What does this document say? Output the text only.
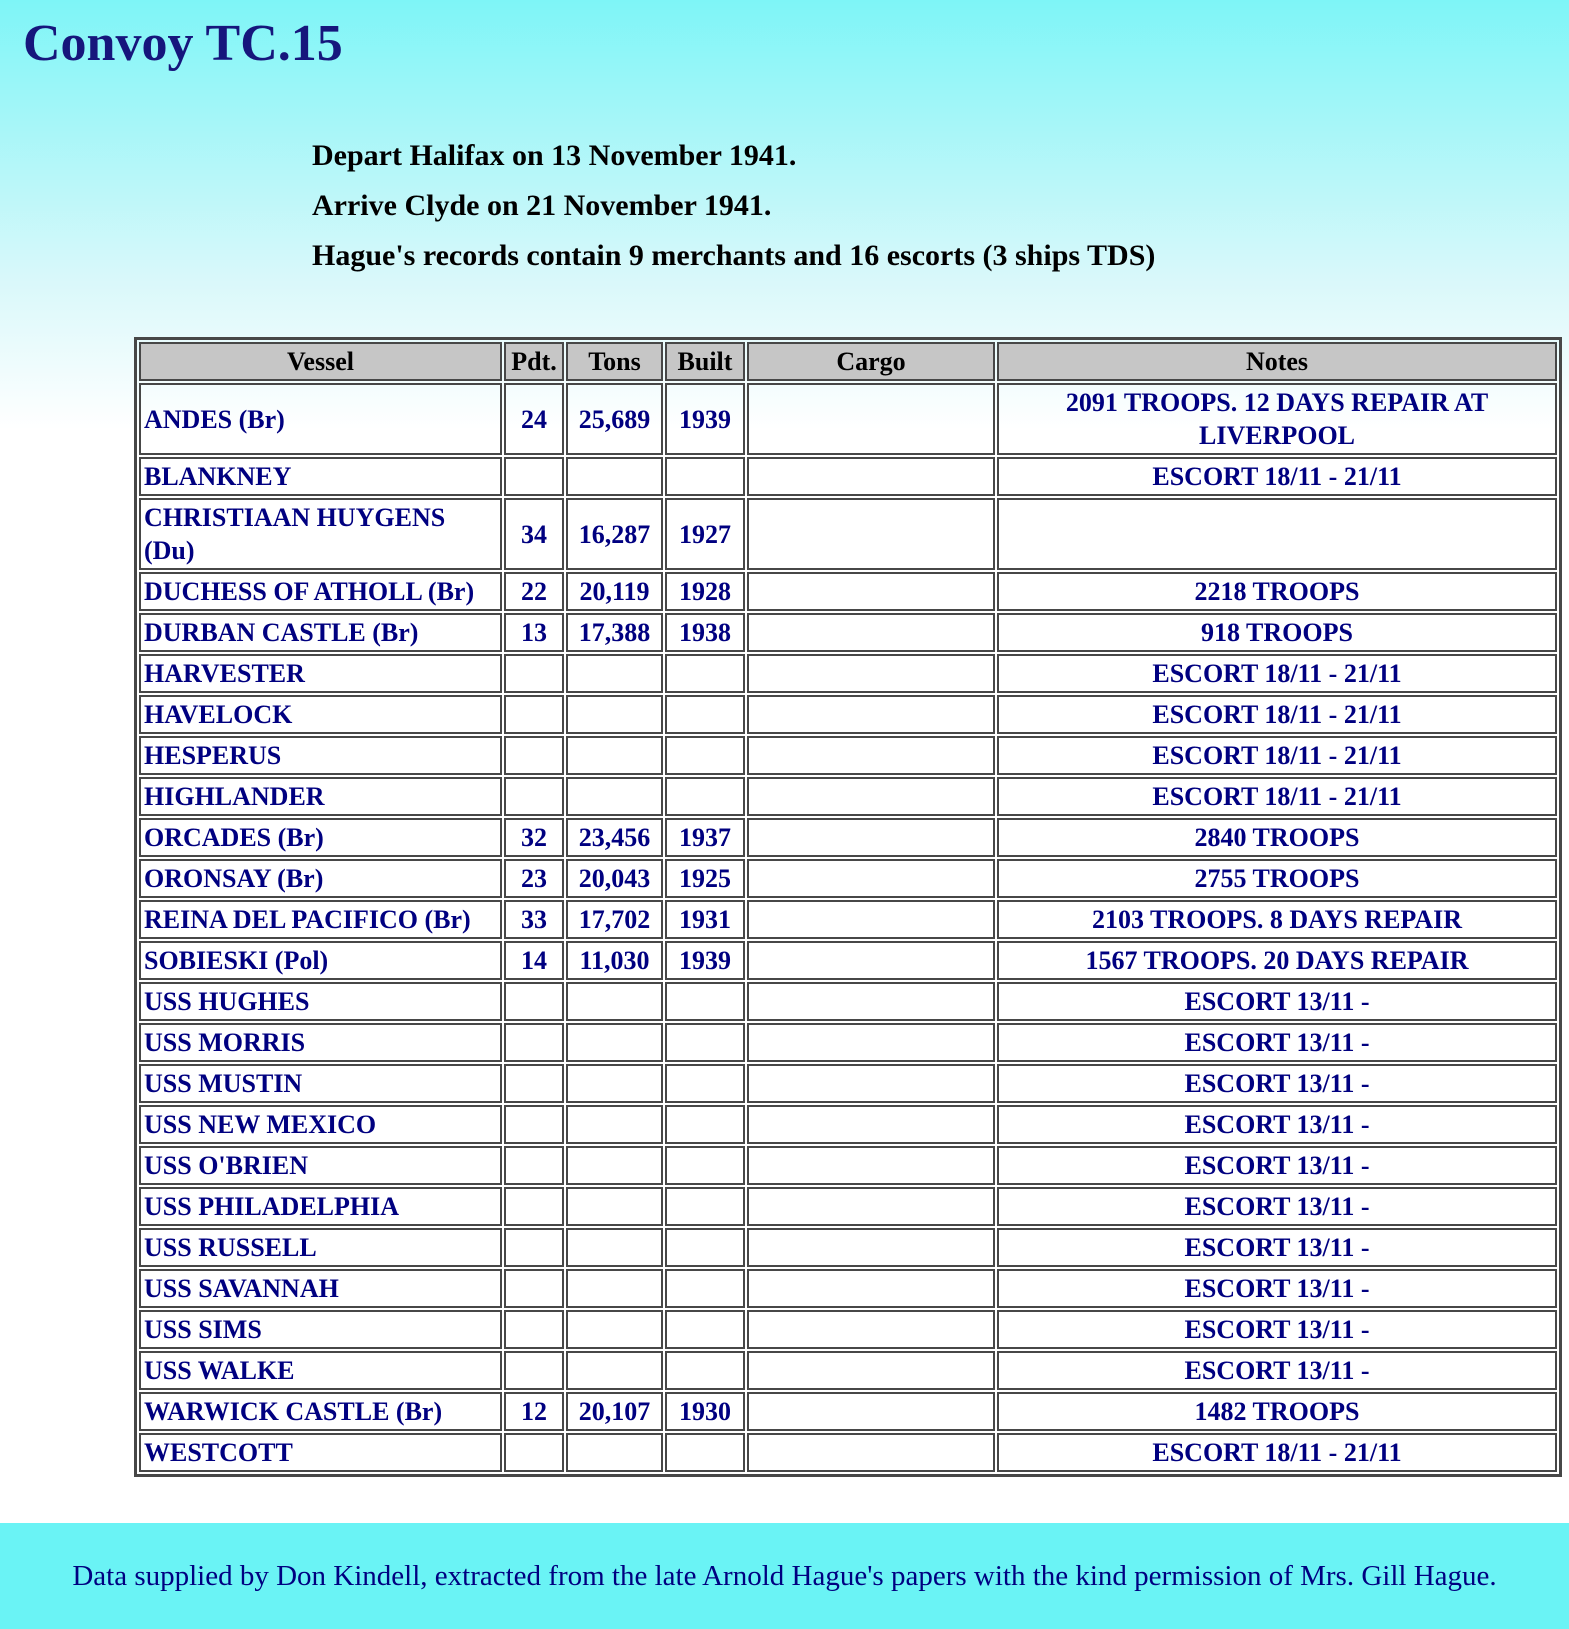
Convoy TC.15

Depart Halifax on 13 November 1941.

Arrive Clyde on 21 November 1941.

Hague's records contain 9 merchants and 16 escorts (3 ships TDS)

Vessel	Pdt.	Tons	Built	Cargo	Notes
ANDES (Br)	24	25,689	1939		2091 TROOPS. 12 DAYS REPAIR AT LIVERPOOL
BLANKNEY					ESCORT 18/11 - 21/11
CHRISTIAAN HUYGENS (Du)	34	16,287	1927		
DUCHESS OF ATHOLL (Br)	22	20,119	1928		2218 TROOPS
DURBAN CASTLE (Br)	13	17,388	1938		918 TROOPS
HARVESTER					ESCORT 18/11 - 21/11
HAVELOCK					ESCORT 18/11 - 21/11
HESPERUS					ESCORT 18/11 - 21/11
HIGHLANDER					ESCORT 18/11 - 21/11
ORCADES (Br)	32	23,456	1937		2840 TROOPS
ORONSAY (Br)	23	20,043	1925		2755 TROOPS
REINA DEL PACIFICO (Br)	33	17,702	1931		2103 TROOPS. 8 DAYS REPAIR
SOBIESKI (Pol)	14	11,030	1939		1567 TROOPS. 20 DAYS REPAIR
USS HUGHES					ESCORT 13/11 -
USS MORRIS					ESCORT 13/11 -
USS MUSTIN					ESCORT 13/11 -
USS NEW MEXICO					ESCORT 13/11 -
USS O'BRIEN					ESCORT 13/11 -
USS PHILADELPHIA					ESCORT 13/11 -
USS RUSSELL					ESCORT 13/11 -
USS SAVANNAH					ESCORT 13/11 -
USS SIMS					ESCORT 13/11 -
USS WALKE					ESCORT 13/11 -
WARWICK CASTLE (Br)	12	20,107	1930		1482 TROOPS
WESTCOTT					ESCORT 18/11 - 21/11

Data supplied by Don Kindell, extracted from the late Arnold Hague's papers with the kind permission of Mrs. Gill Hague.
